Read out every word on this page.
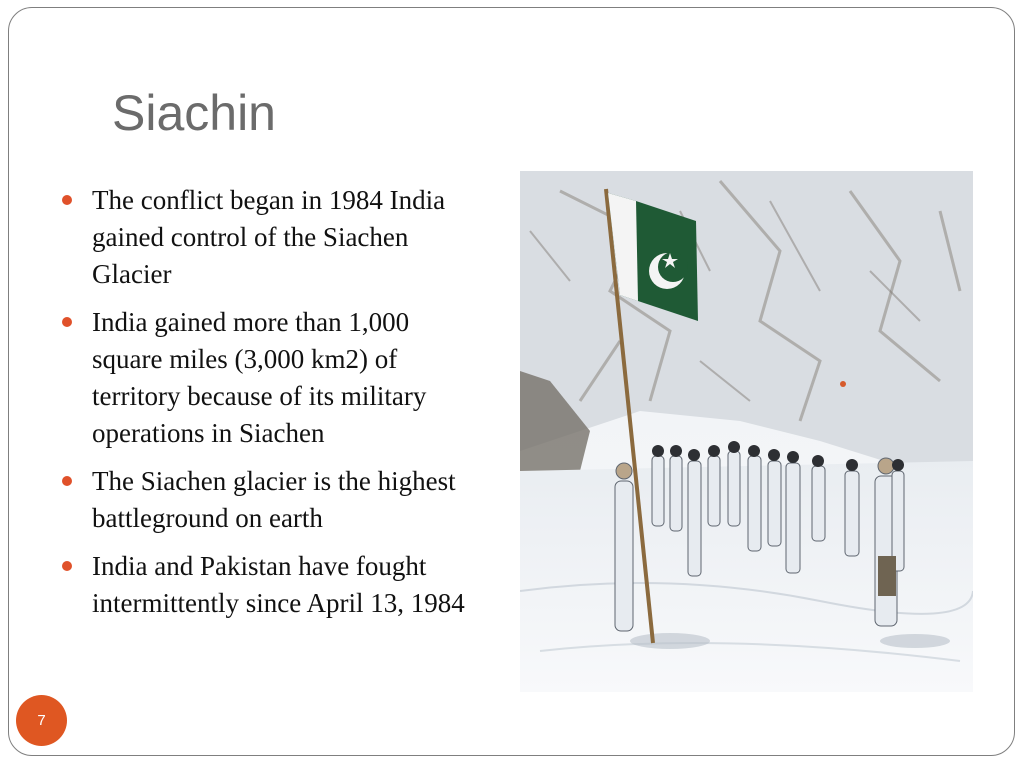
Siachin
The conflict began in 1984 India gained control of the Siachen Glacier
India gained more than 1,000 square miles (3,000 km2) of territory because of its military operations in Siachen
The Siachen glacier is the highest battleground on earth
India and Pakistan have fought intermittently since April 13, 1984
7
